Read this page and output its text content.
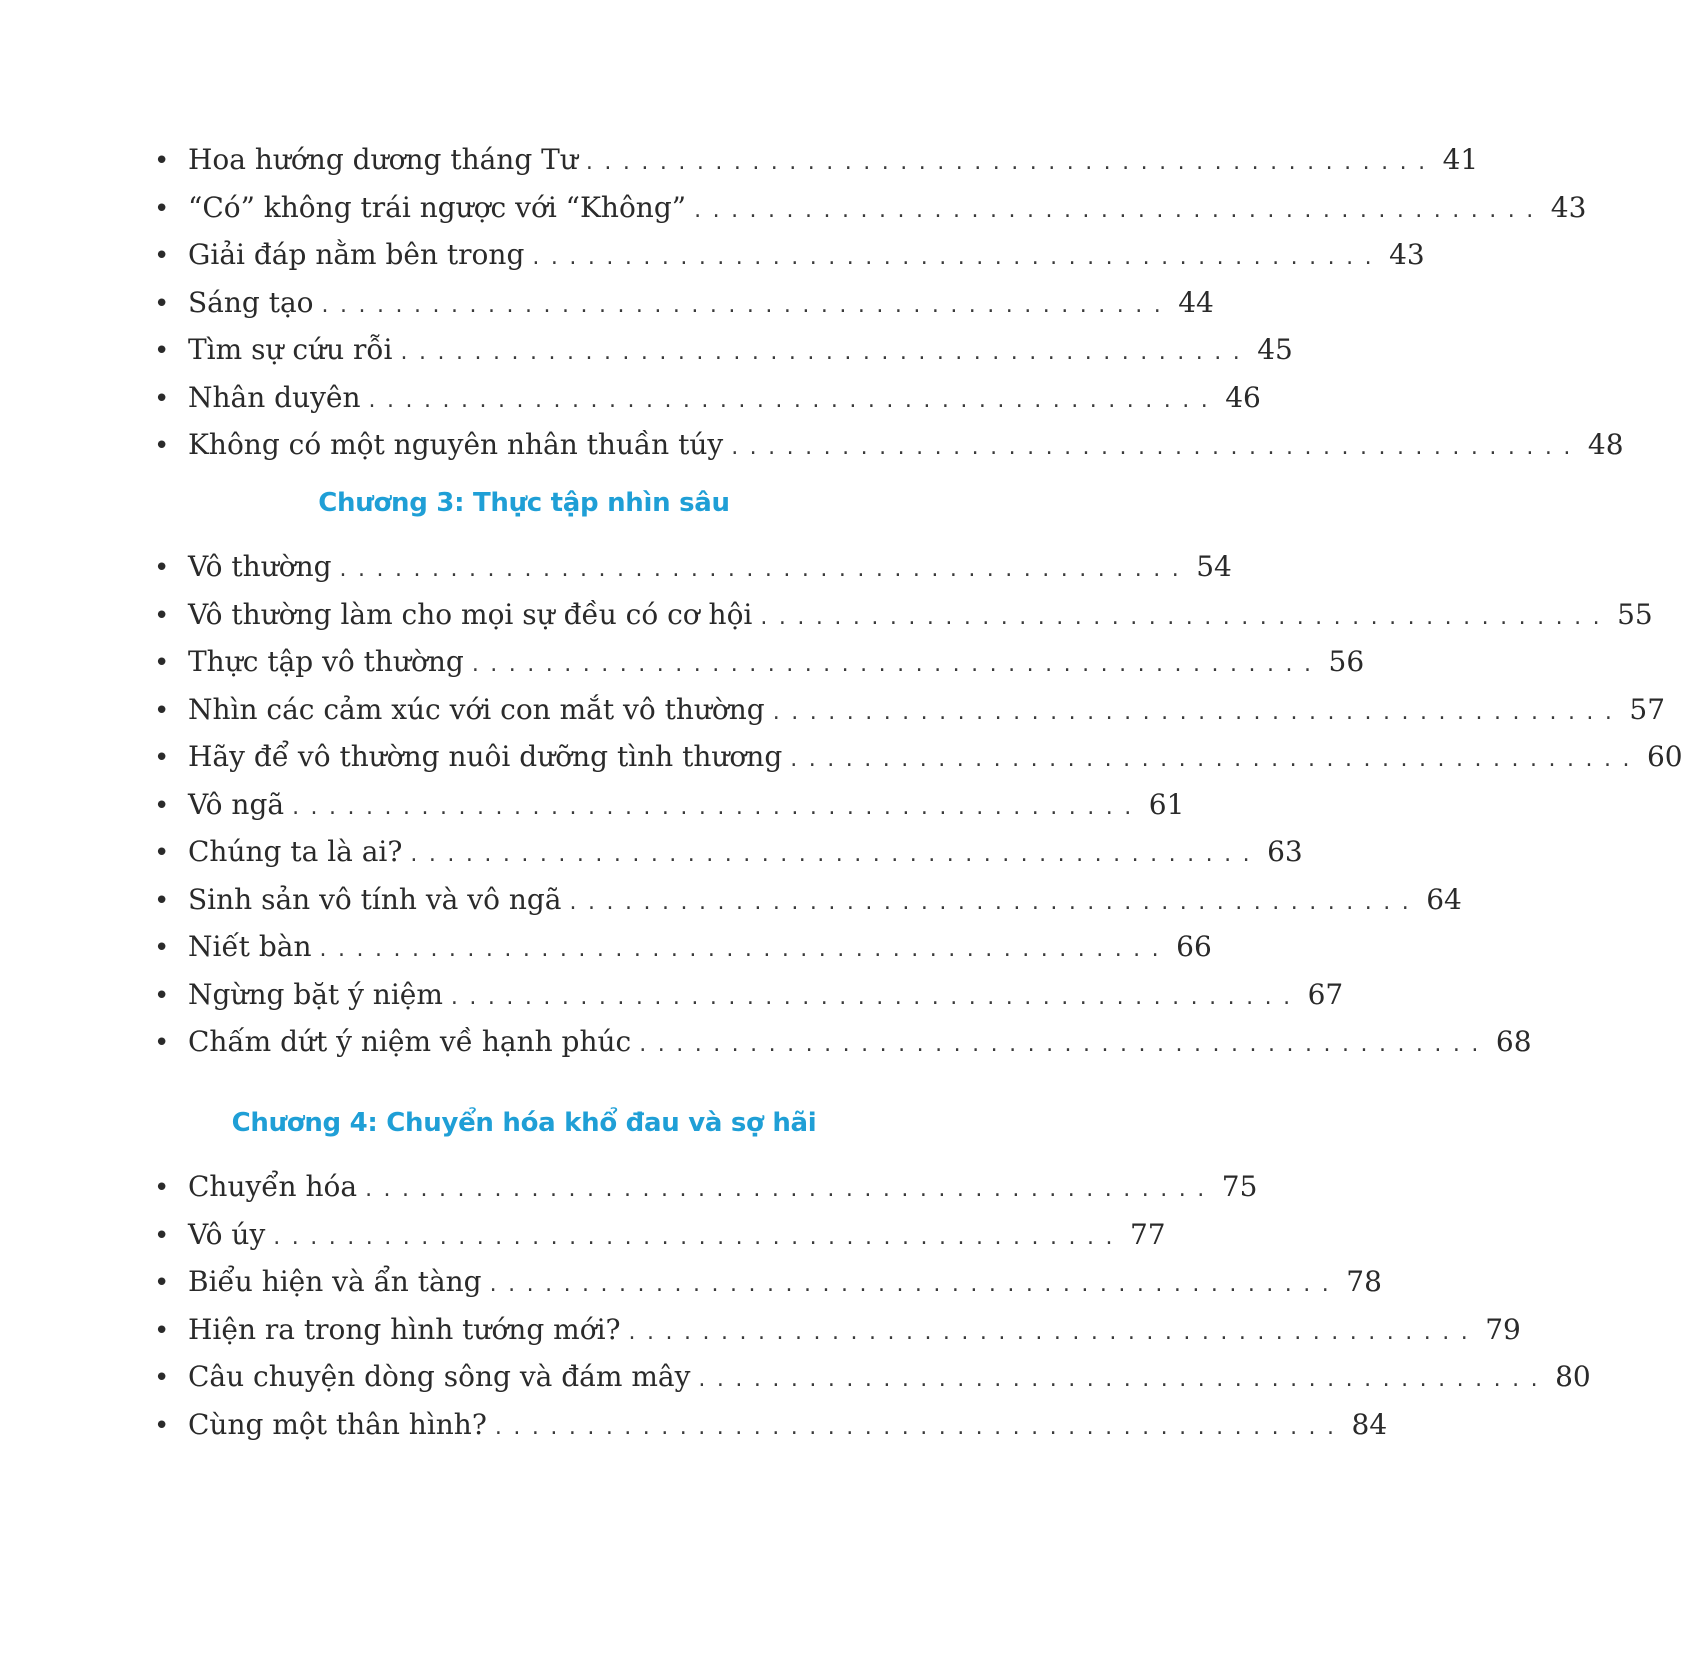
• Hoa hướng dương tháng Tư .............................................. 41
• “Có” không trái ngược với “Không” .............................................. 43
• Giải đáp nằm bên trong .............................................. 43
• Sáng tạo .............................................. 44
• Tìm sự cứu rỗi .............................................. 45
• Nhân duyên .............................................. 46
• Không có một nguyên nhân thuần túy .............................................. 48
Chương 3: Thực tập nhìn sâu
• Vô thường .............................................. 54
• Vô thường làm cho mọi sự đều có cơ hội .............................................. 55
• Thực tập vô thường .............................................. 56
• Nhìn các cảm xúc với con mắt vô thường .............................................. 57
• Hãy để vô thường nuôi dưỡng tình thương .............................................. 60
• Vô ngã .............................................. 61
• Chúng ta là ai? .............................................. 63
• Sinh sản vô tính và vô ngã .............................................. 64
• Niết bàn .............................................. 66
• Ngừng bặt ý niệm .............................................. 67
• Chấm dứt ý niệm về hạnh phúc .............................................. 68
Chương 4: Chuyển hóa khổ đau và sợ hãi
• Chuyển hóa .............................................. 75
• Vô úy .............................................. 77
• Biểu hiện và ẩn tàng .............................................. 78
• Hiện ra trong hình tướng mới? .............................................. 79
• Câu chuyện dòng sông và đám mây .............................................. 80
• Cùng một thân hình? .............................................. 84
